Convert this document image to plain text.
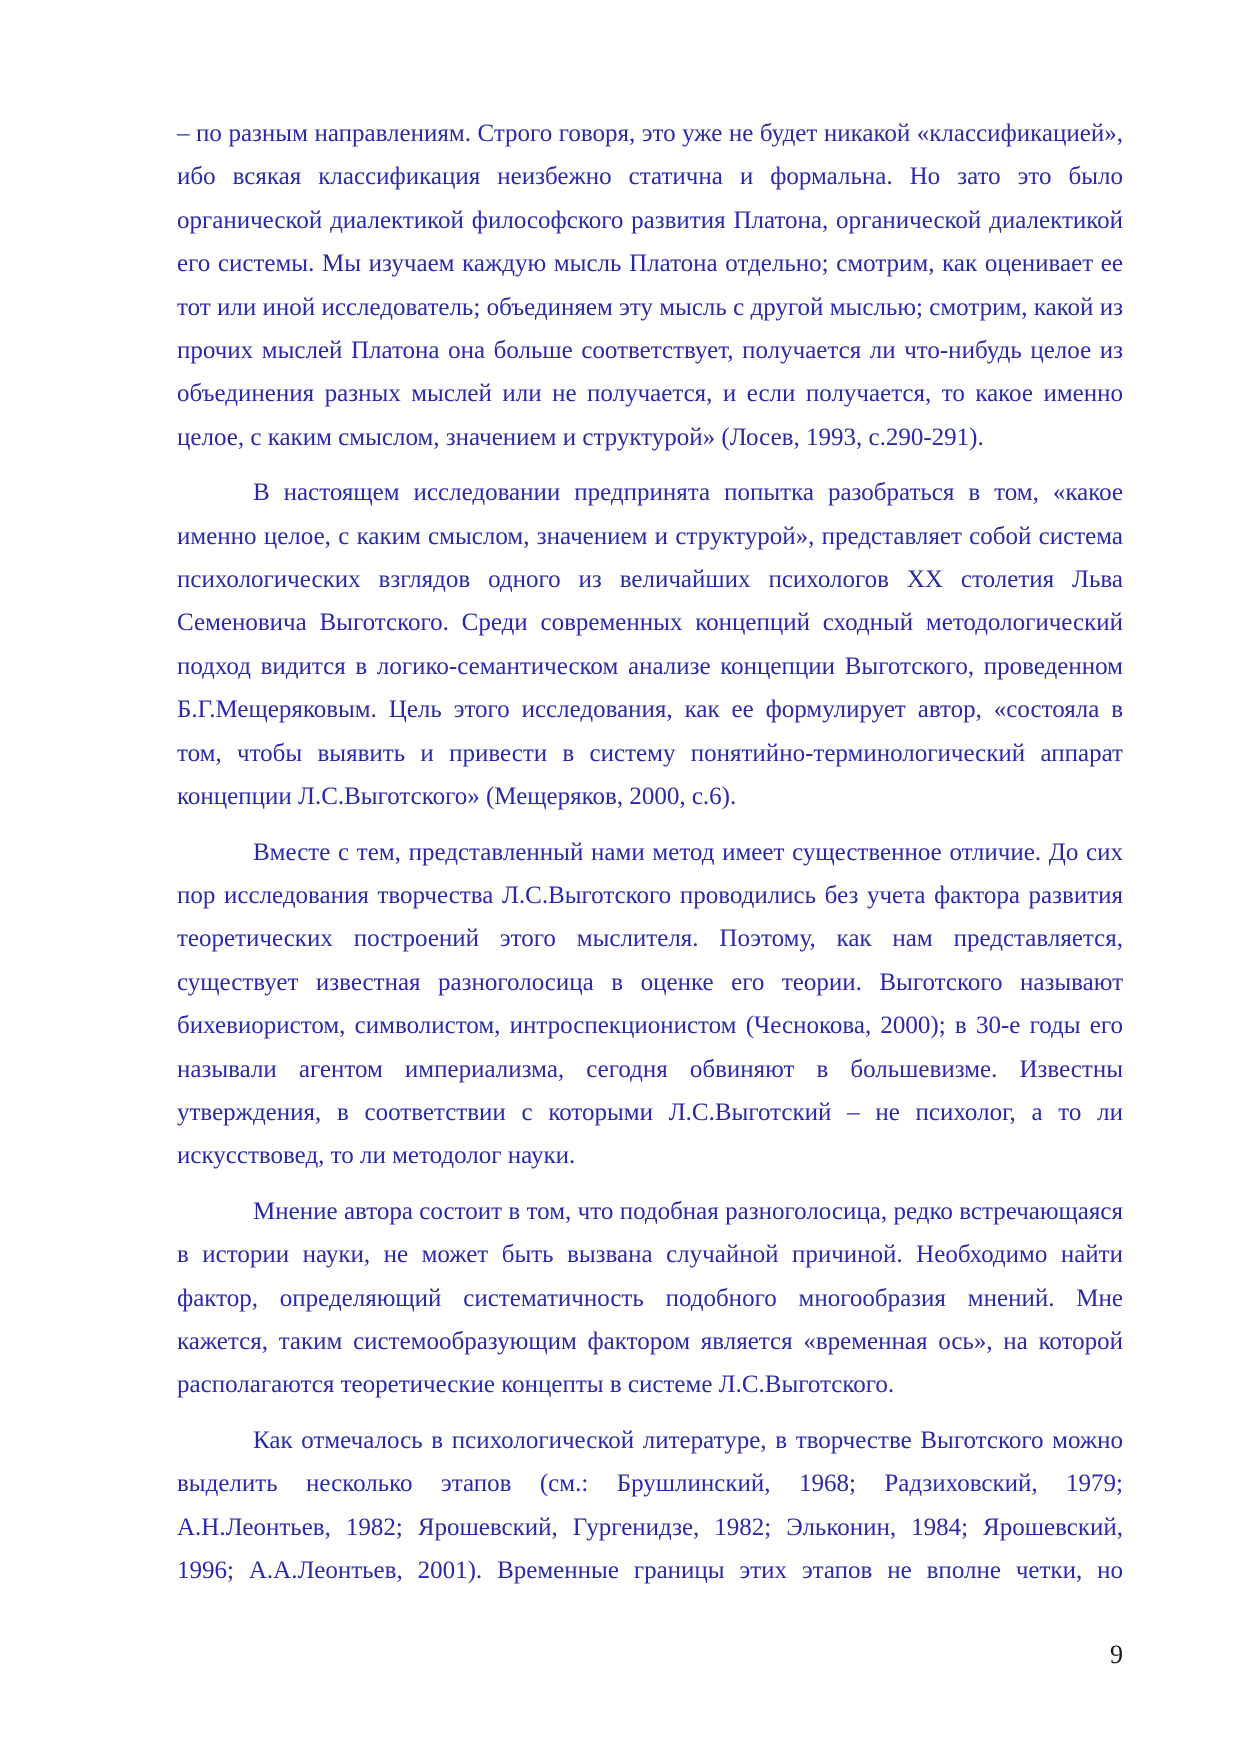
– по разным направлениям. Строго говоря, это уже не будет никакой «классификацией», ибо всякая классификация неизбежно статична и формальна. Но зато это было органической диалектикой философского развития Платона, органической диалектикой его системы. Мы изучаем каждую мысль Платона отдельно; смотрим, как оценивает ее тот или иной исследователь; объединяем эту мысль с другой мыслью; смотрим, какой из прочих мыслей Платона она больше соответствует, получается ли что-нибудь целое из объединения разных мыслей или не получается, и если получается, то какое именно целое, с каким смыслом, значением и структурой» (Лосев, 1993, с.290-291).

В настоящем исследовании предпринята попытка разобраться в том, «какое именно целое, с каким смыслом, значением и структурой», представляет собой система психологических взглядов одного из величайших психологов XX столетия Льва Семеновича Выготского. Среди современных концепций сходный методологический подход видится в логико-семантическом анализе концепции Выготского, проведенном Б.Г.Мещеряковым. Цель этого исследования, как ее формулирует автор, «состояла в том, чтобы выявить и привести в систему понятийно-терминологический аппарат концепции Л.С.Выготского» (Мещеряков, 2000, с.6).

Вместе с тем, представленный нами метод имеет существенное отличие. До сих пор исследования творчества Л.С.Выготского проводились без учета фактора развития теоретических построений этого мыслителя. Поэтому, как нам представляется, существует известная разноголосица в оценке его теории. Выготского называют бихевиористом, символистом, интроспекционистом (Чеснокова, 2000); в 30-е годы его называли агентом империализма, сегодня обвиняют в большевизме. Известны утверждения, в соответствии с которыми Л.С.Выготский – не психолог, а то ли искусствовед, то ли методолог науки.

Мнение автора состоит в том, что подобная разноголосица, редко встречающаяся в истории науки, не может быть вызвана случайной причиной. Необходимо найти фактор, определяющий систематичность подобного многообразия мнений. Мне кажется, таким системообразующим фактором является «временная ось», на которой располагаются теоретические концепты в системе Л.С.Выготского.

Как отмечалось в психологической литературе, в творчестве Выготского можно выделить несколько этапов (см.: Брушлинский, 1968; Радзиховский, 1979; А.Н.Леонтьев, 1982; Ярошевский, Гургенидзе, 1982; Эльконин, 1984; Ярошевский, 1996; А.А.Леонтьев, 2001). Временные границы этих этапов не вполне четки, но

9
